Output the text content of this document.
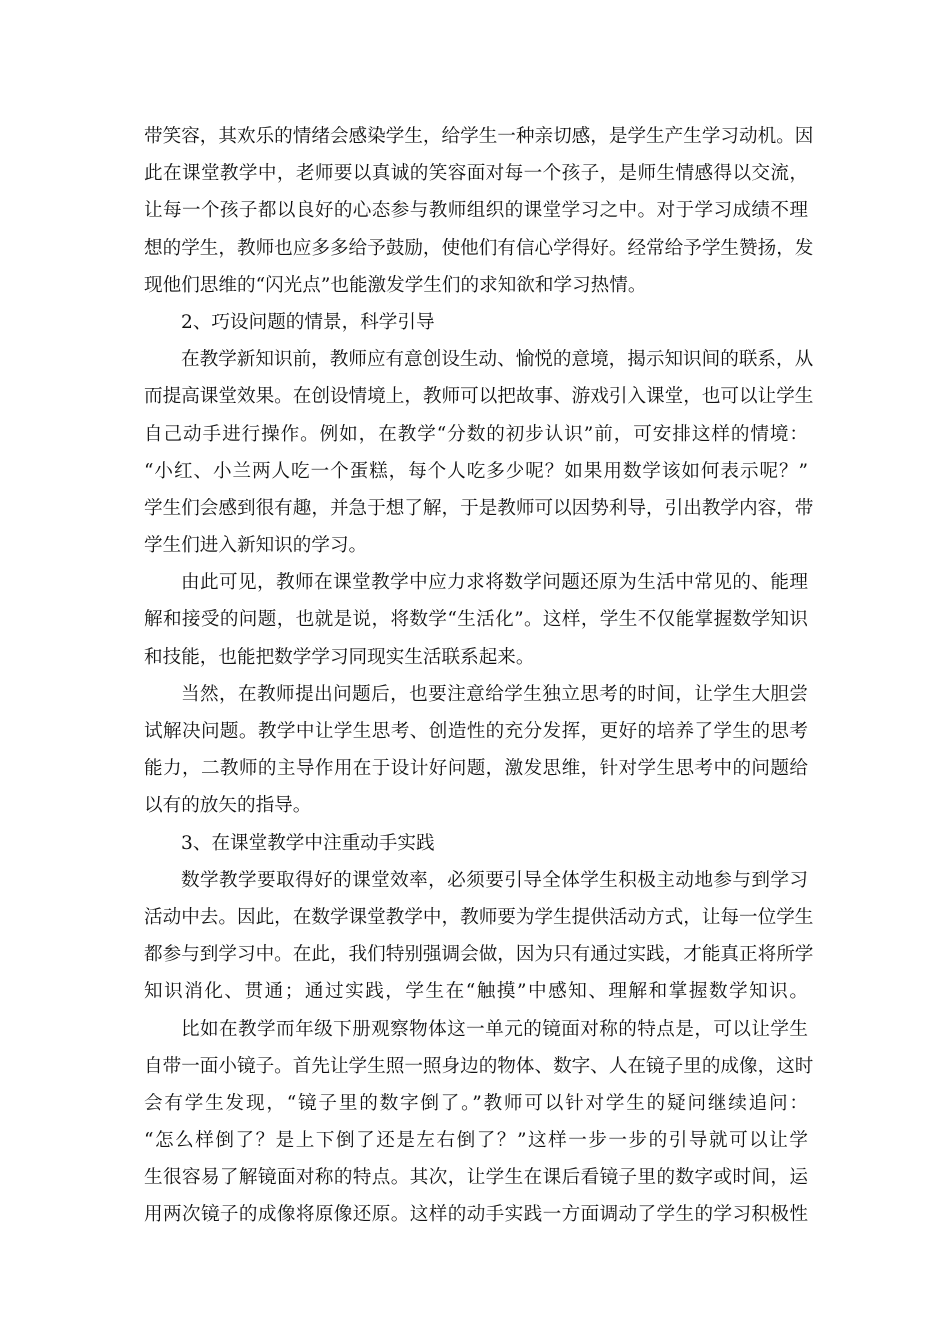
带笑容，其欢乐的情绪会感染学生，给学生一种亲切感，是学生产生学习动机。因

此在课堂教学中，老师要以真诚的笑容面对每一个孩子，是师生情感得以交流，

让每一个孩子都以良好的心态参与教师组织的课堂学习之中。对于学习成绩不理

想的学生，教师也应多多给予鼓励，使他们有信心学得好。经常给予学生赞扬，发

现他们思维的“闪光点”也能激发学生们的求知欲和学习热情。

2、巧设问题的情景，科学引导

在教学新知识前，教师应有意创设生动、愉悦的意境，揭示知识间的联系，从

而提高课堂效果。在创设情境上，教师可以把故事、游戏引入课堂，也可以让学生

自己动手进行操作。例如，在教学“分数的初步认识”前，可安排这样的情境：

“小红、小兰两人吃一个蛋糕，每个人吃多少呢？如果用数学该如何表示呢？”

学生们会感到很有趣，并急于想了解，于是教师可以因势利导，引出教学内容，带

学生们进入新知识的学习。

由此可见，教师在课堂教学中应力求将数学问题还原为生活中常见的、能理

解和接受的问题，也就是说，将数学“生活化”。这样，学生不仅能掌握数学知识

和技能，也能把数学学习同现实生活联系起来。

当然，在教师提出问题后，也要注意给学生独立思考的时间，让学生大胆尝

试解决问题。教学中让学生思考、创造性的充分发挥，更好的培养了学生的思考

能力，二教师的主导作用在于设计好问题，激发思维，针对学生思考中的问题给

以有的放矢的指导。

3、在课堂教学中注重动手实践

数学教学要取得好的课堂效率，必须要引导全体学生积极主动地参与到学习

活动中去。因此，在数学课堂教学中，教师要为学生提供活动方式，让每一位学生

都参与到学习中。在此，我们特别强调会做，因为只有通过实践，才能真正将所学

知识消化、贯通；通过实践，学生在“触摸”中感知、理解和掌握数学知识。

比如在教学而年级下册观察物体这一单元的镜面对称的特点是，可以让学生

自带一面小镜子。首先让学生照一照身边的物体、数字、人在镜子里的成像，这时

会有学生发现，“镜子里的数字倒了。”教师可以针对学生的疑问继续追问：

“怎么样倒了？是上下倒了还是左右倒了？”这样一步一步的引导就可以让学

生很容易了解镜面对称的特点。其次，让学生在课后看镜子里的数字或时间，运

用两次镜子的成像将原像还原。这样的动手实践一方面调动了学生的学习积极性
